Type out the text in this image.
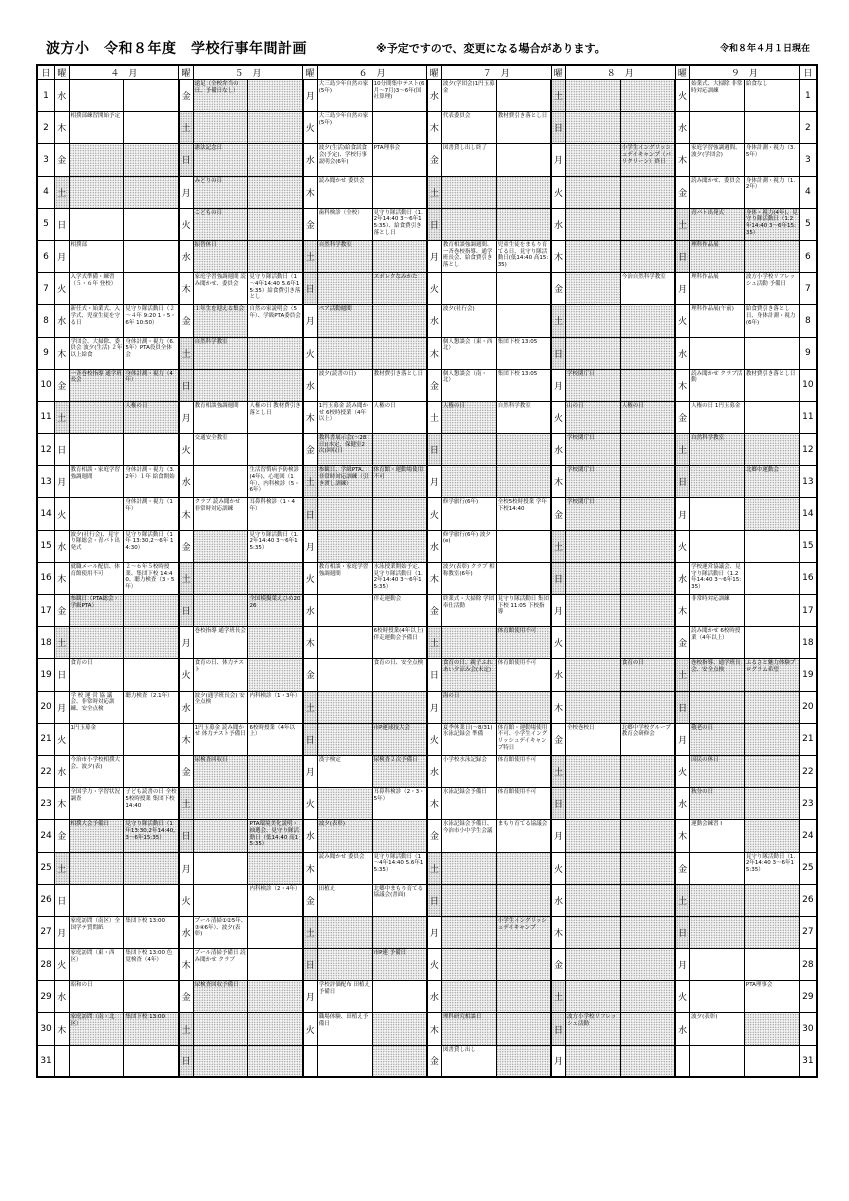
波方小　令和８年度　学校行事年間計画	※予定ですので、変更になる場合があります。	令和８年４月１日現在
日	曜	４　月		曜	５　月		曜	６　月		曜	７　月		曜	８　月		曜	９　月		日
1	水			金	遠足（全校弁当の日、予備日なし）		月	大三島少年自然の家(5年)	10分間集中テスト(6月～7月)3～6年(国社算理)	水	波夕(学団会)1円玉募金		土			火	始業式、大掃除 非常時対応訓練	給食なし	1
2	木	相撲部練習開始予定		土			火	大三島少年自然の家(5年)		木	代表委員会	教材費引き落とし日	日			水			2
3	金			日	憲法記念日		水	波夕(生活)給食試食会(予定)、学校行事説明会(6年)	PTA理事会	金	図書貸し出し終了		月		小学生イングリッシュデイキャンプ（バリクリーン）終日	木	家庭学習強調週間、波夕(学団会)	身体計測・視力（3.5年）	3
4	土			月	みどりの日		木	読み聞かせ 委員会		土			火			金	読み聞かせ、委員会	身体計測・視力（1.2年）	4
5	日			火	こどもの日		金	歯科検診（全校）	見守り隊活動日（1.2年14:40 3～6年15:35）、給食費引き落とし日	日			水			土	青パト出発式	身体・視力(4年)、見守り隊活動日（1.2年14:40 3～6年15:35）	5
6	月	相撲部		水	振替休日		土	自然科学教室		月	教育相談強調週間、一斉巻校指導、通学班長会、給食費引き落とし	児童生徒をまもり育てる日、見守り隊活動日(低14:40 高15:35)	木			日	理科作品展		6
7	火	入学式準備・練習（５・６年 登校）		木	家庭学習強調週間 読み聞かせ、委員会	見守り隊活動日（1～4年14:40 5.6年15:35）給食費引き落とし	日		スポレクなみかた	火			金		今治自然科学教室	月	理科作品展	波方小学校リフレッシュ活動 予備日	7
8	水	新任式・始業式、入学式、児童生徒を守る日	見守り隊活動日（２～４年 9:20 1・5・6年 10:50）	金	１年生を迎える集会	自然の家説明会（5年）、学級PTA委員会	月	ペア活動週間		水	波夕(社行会)		土			火	理科作品展(午前)	給食費引き落とし日、身体計測・視力(6年)	8
9	木	学団会、大掃除、委員会 波夕(生活) ２年以上給食	身体計測・視力（6.5年）PTA役員全体会	土	自然科学教室		火			木	個人懇談会（東・西北）	集団下校 13:05	日			水			9
10	金	一斉巻校指導 通学班長会	身体計測・視力（4年）	日			水	波夕(読書の日)	教材費引き落とし日	金	個人懇談会（南・北）	集団下校 13:05	月	学校閉庁日		木	読み聞かせ クラブ活動	教材費引き落とし日	10
11	土		人権の日	月	教育相談強調週間	人権の日 教材費引き落とし日	木	1円玉募金 読み聞かせ 6校時授業（4年以上）	人権の日	土	人権の日	自然科学教室	火	山の日	人権の日	金	人権の日 1円玉募金		11
12	日			火	交通安全教室		金	教科書展示会(～28日)(本定、保健室2次)回収日		日			水	学校閉庁日		土	自然科学教室		12
13	月	教育相談・家庭学習強調週間	身体計測・視力（3.2年）１年 給食開始	水		生活習慣病予防検診(4年)、心電図（1年）、内科検診（5・6年）	土	参観日、学級PTA、非常時対応訓練（引き渡し訓練）	体育館・運動場使用不可	月			木	学校閉庁日		日		北郷中運動会	13
14	火		身体計測・視力（1年）	木	クラブ 読み聞かせ 非常時対応訓練	耳鼻科検診（1・4年）	日			火	修学旅行(6年)	全校5校時授業 学年下校14:40	金	学校閉庁日		月			14
15	水	波夕(社行会)、見守り隊総会・青パト出発式	見守り隊活動日（1年 13:30,2～6年 14:30）	金		見守り隊活動日（1.2年14:40 3～6年15:35）	月			水	修学旅行(6年) 波夕(e)		土			火			15
16	木	就職メール配信、体育館使用不可	２～６年５校時授業、集団下校 14:40、聴力検査（3・5年）	土			火	教育相談・家庭学習強調週間	水泳授業開始予定、見守り隊活動日（1.2年14:40 3～6年15:35）	木	波夕(表彰) クラブ 相称教室(6年)		日			水	学校運営協議会、見守り隊活動日（1.2年14:40 3～6年15:35）		16
17	金	参観日（PTA総会・学級PTA）		日		全国模擬葉えひめ2026	水		伴走運動会	金	終業式・大掃除 学団奉仕活動	見守り隊活動日 集団下校 11:05 下校指導	月			木	非常時対応訓練		17
18	土			月	巻校指導 通学班長会		木		6校時授業(4年以上) 伴走運動会予備日	土		体育館使用不可	火			金	読み聞かせ 6校時授業（4年以上）		18
19	日	食育の日		火	食育の日、体力テスト		金		食育の日、安全点検	日	食育の日、親子ふれあい夕涼み会(未定)	体育館使用不可	水		食育の日	土	巻校指導、通学班長会、安全点検	ふるさと魅力体験プログラム希望	19
20	月	学 校 運 営 協 議会、非常時対応訓練、安全点検	聴力検査（2.1年）	水	波夕(通学班長会) 安全点検	内科検診（1・3年）	土			月	海の日		木			日			20
21	火	1円玉募金		木	1円玉募金 読み聞かせ 体力テスト予備日	6校時授業（4年以上）	日		市P運球技大会	火	夏季休業日(～8/31) 水泳記録会 準備	体育館・運動場使用不可、小学生イングリッシュデイキャンプ特日	金	全校巻校日	北郷中学校グループ教育会研修会	月	敬老の日		21
22	水	今治市小学校相撲大会、波夕(表)		金	尿検査回収日		月	漢字検定	尿検査２次予備日	水	小学校水泳記録会	体育館使用不可	土			火	国民の休日		22
23	木	全国学力・学習状況調査	子ども読書の日 全校5校時授業 集団下校14:40	土			火		耳鼻科検診（2・3・5年）	木	水泳記録会予備日	体育館使用不可	日			水	秋分の日		23
24	金	相撲大会予備日	見守り隊活動日（1年13:30,2年14:40,3～6年15:35）	日		PTA環境美化説明・抽選会、見守り隊活動日（低14:40 高15:35）	水	波夕(表彰)		金	水泳記録会予備日、今治市小中学生会議	まもり育てる協議会	月			木	運動会練習 I		24
25	土			月			木	読み聞かせ 委員会	見守り隊活動日（1～4年14:40 5.6年15:35）	土			火			金		見守り隊活動日（1.2年14:40 3～6年15:35）	25
26	日			火		内科検診（2・4年）	金	田植え	北郷中まもり育てる協議会(書面)	日			水			土			26
27	月	家庭訪問（南区）全国学テ質問紙	集団下校 13:00	水	プール清掃①②5年、③④6年）、波夕(表彰)		土			月		小学生イングリッシュデイキャンプ	木			日			27
28	火	家庭訪問（東・西区）	集団下校 13:00 色覚検査（4年）	木	プール清掃予備日 読み聞かせ クラブ		日		市P連 予備日	火			金			月			28
29	水	昭和の日		金	尿検査回収予備日		月	学校評価配布 田植え予備日		水			土			火		PTA理事会	29
30	木	家庭訪問（南・北区）	集団下校 13:00	土			火	職場体験、田植え予備日		木	理科研究相談日		日	波方小学校リフレッシュ活動		水	波夕(表彰)		30
31				日						金	図書貸し出し		月						31
